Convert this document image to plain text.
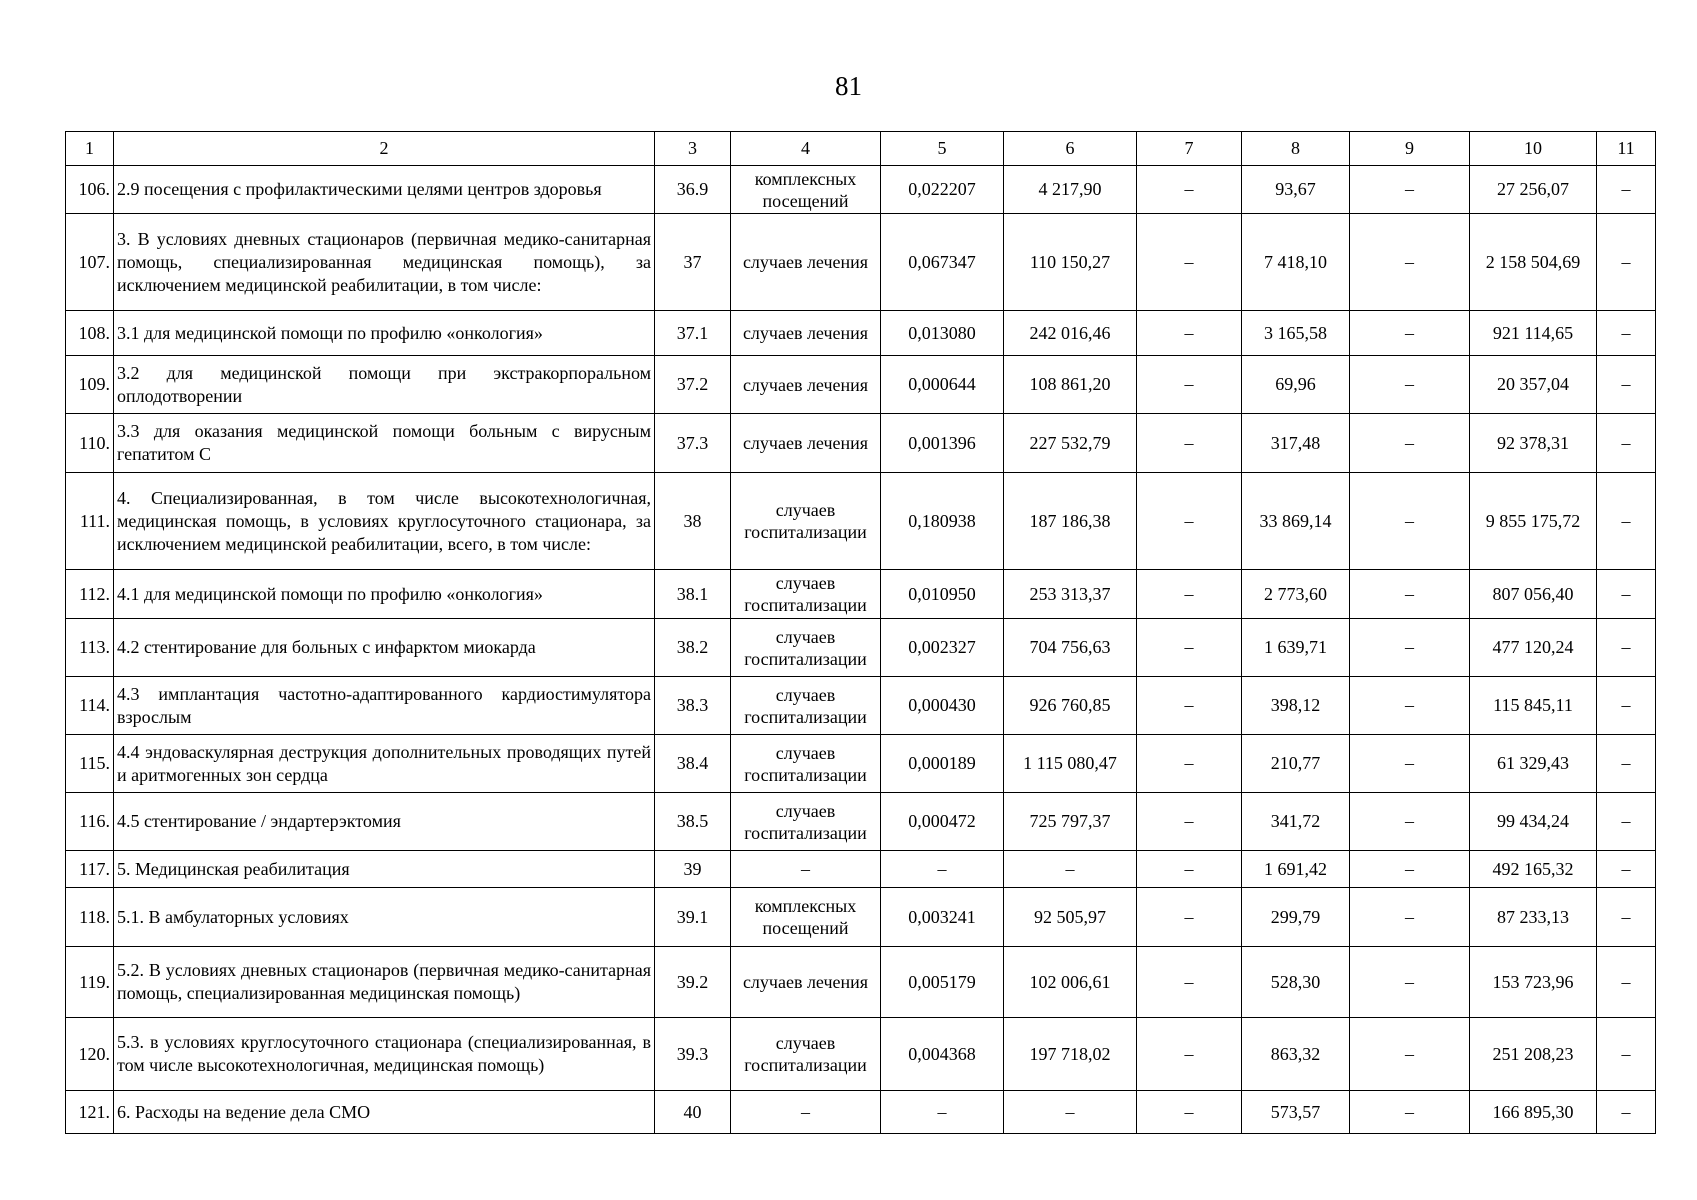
81
1	2	3	4	5	6	7	8	9	10	11
106.	2.9 посещения с профилактическими целями центров здоровья	36.9	комплексных посещений	0,022207	4 217,90	–	93,67	–	27 256,07	–
107.	3. В условиях дневных стационаров (первичная медико-санитарная помощь, специализированная медицинская помощь), за исключением медицинской реабилитации, в том числе:	37	случаев лечения	0,067347	110 150,27	–	7 418,10	–	2 158 504,69	–
108.	3.1 для медицинской помощи по профилю «онкология»	37.1	случаев лечения	0,013080	242 016,46	–	3 165,58	–	921 114,65	–
109.	3.2 для медицинской помощи при экстракорпоральном оплодотворении	37.2	случаев лечения	0,000644	108 861,20	–	69,96	–	20 357,04	–
110.	3.3 для оказания медицинской помощи больным с вирусным гепатитом С	37.3	случаев лечения	0,001396	227 532,79	–	317,48	–	92 378,31	–
111.	4. Специализированная, в том числе высокотехнологичная, медицинская помощь, в условиях круглосуточного стационара, за исключением медицинской реабилитации, всего, в том числе:	38	случаев госпитализации	0,180938	187 186,38	–	33 869,14	–	9 855 175,72	–
112.	4.1 для медицинской помощи по профилю «онкология»	38.1	случаев госпитализации	0,010950	253 313,37	–	2 773,60	–	807 056,40	–
113.	4.2 стентирование для больных с инфарктом миокарда	38.2	случаев госпитализации	0,002327	704 756,63	–	1 639,71	–	477 120,24	–
114.	4.3 имплантация частотно-адаптированного кардиостимулятора взрослым	38.3	случаев госпитализации	0,000430	926 760,85	–	398,12	–	115 845,11	–
115.	4.4 эндоваскулярная деструкция дополнительных проводящих путей и аритмогенных зон сердца	38.4	случаев госпитализации	0,000189	1 115 080,47	–	210,77	–	61 329,43	–
116.	4.5 стентирование / эндартерэктомия	38.5	случаев госпитализации	0,000472	725 797,37	–	341,72	–	99 434,24	–
117.	5. Медицинская реабилитация	39	–	–	–	–	1 691,42	–	492 165,32	–
118.	5.1. В амбулаторных условиях	39.1	комплексных посещений	0,003241	92 505,97	–	299,79	–	87 233,13	–
119.	5.2. В условиях дневных стационаров (первичная медико-санитарная помощь, специализированная медицинская помощь)	39.2	случаев лечения	0,005179	102 006,61	–	528,30	–	153 723,96	–
120.	5.3. в условиях круглосуточного стационара (специализированная, в том числе высокотехнологичная, медицинская помощь)	39.3	случаев госпитализации	0,004368	197 718,02	–	863,32	–	251 208,23	–
121.	6. Расходы на ведение дела СМО	40	–	–	–	–	573,57	–	166 895,30	–
